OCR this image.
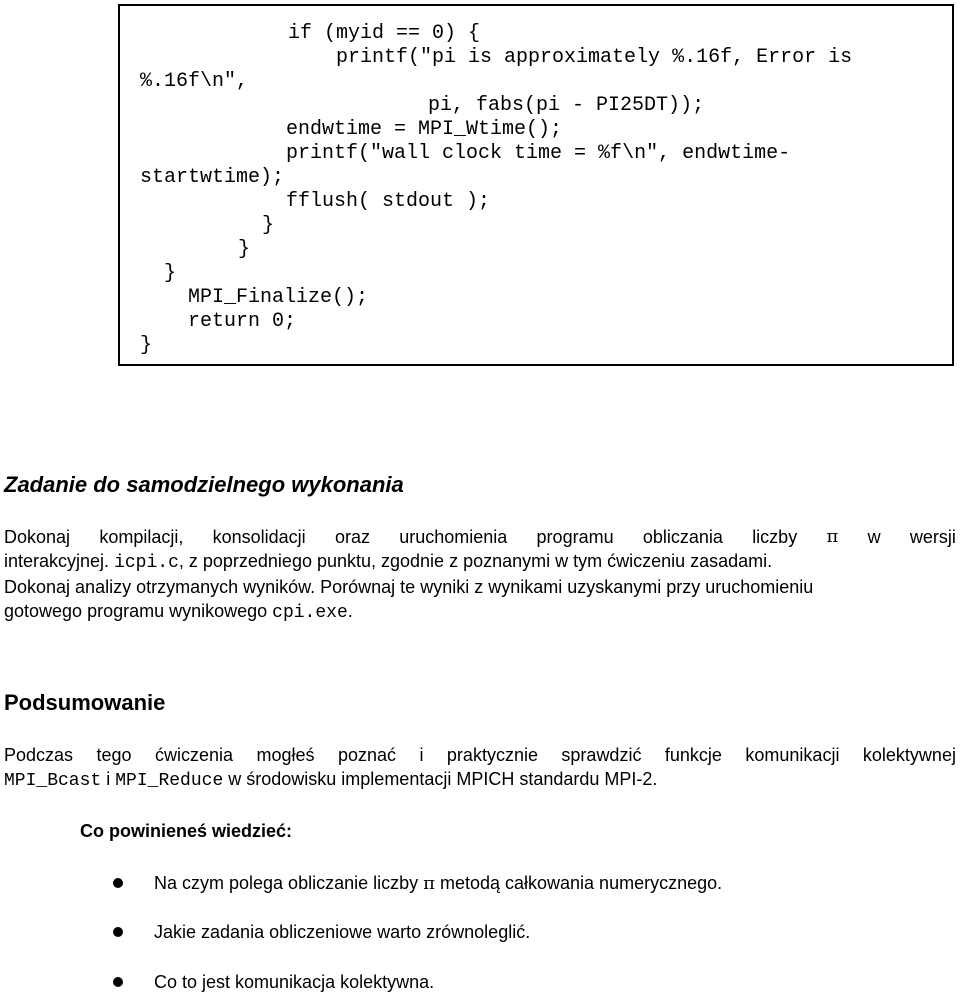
if (myid == 0) {
printf("pi is approximately %.16f, Error is
%.16f\n",
pi, fabs(pi - PI25DT));
endwtime = MPI_Wtime();
printf("wall clock time = %f\n", endwtime-
startwtime);
fflush( stdout );
}
}
}
MPI_Finalize();
return 0;
}
Zadanie do samodzielnego wykonania
Dokonaj kompilacji, konsolidacji oraz uruchomienia programu obliczania liczby π w wersji
interakcyjnej. icpi.c, z poprzedniego punktu, zgodnie z poznanymi w tym ćwiczeniu zasadami.
Dokonaj analizy otrzymanych wyników. Porównaj te wyniki z wynikami uzyskanymi przy uruchomieniu
gotowego programu wynikowego cpi.exe.
Podsumowanie
Podczas tego ćwiczenia mogłeś poznać i praktycznie sprawdzić funkcje komunikacji kolektywnej
MPI_Bcast i MPI_Reduce w środowisku implementacji MPICH standardu MPI-2.
Co powinieneś wiedzieć:
Na czym polega obliczanie liczby π metodą całkowania numerycznego.
Jakie zadania obliczeniowe warto zrównoleglić.
Co to jest komunikacja kolektywna.
